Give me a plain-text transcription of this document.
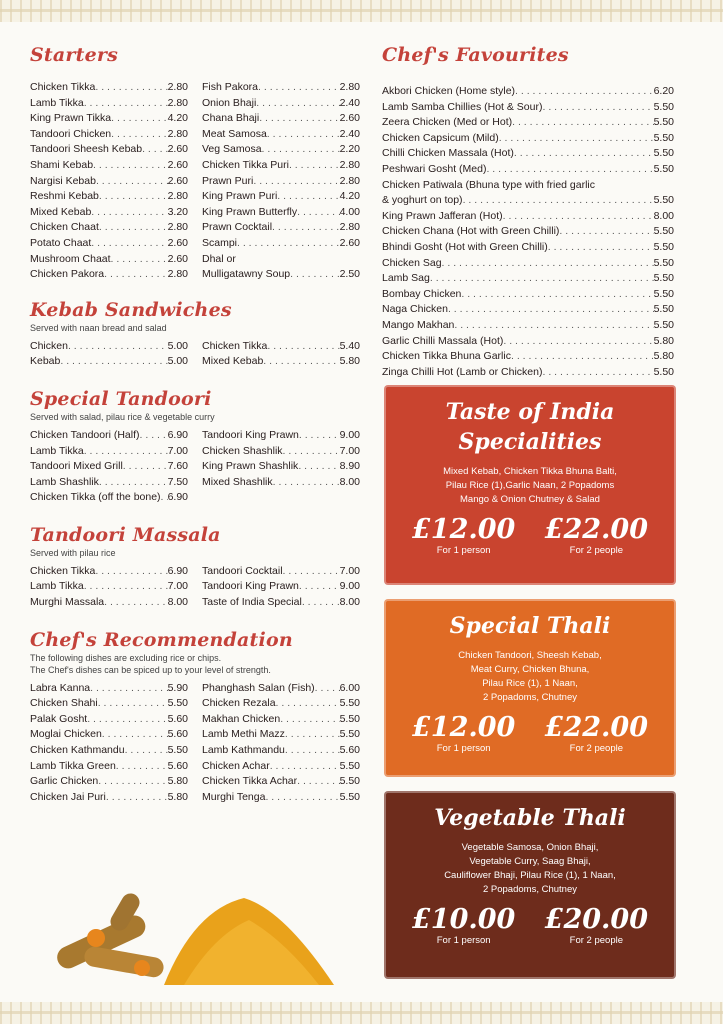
Starters
Chicken Tikka . . .	2.80
Lamb Tikka . . .	2.80
King Prawn Tikka . . .	4.20
Tandoori Chicken . . .	2.80
Tandoori Sheesh Kebab . . . 2.60
Shami Kebab . . .	2.60
Nargisi Kebab . . .	2.60
Reshmi Kebab . . .	2.80
Mixed Kebab . . .	3.20
Chicken Chaat . . .	2.80
Potato Chaat . . .	2.60
Mushroom Chaat . . .	2.60
Chicken Pakora . . .	2.80
Fish Pakora . . .	2.80
Onion Bhaji . . .	2.40
Chana Bhaji . . .	2.60
Meat Samosa . . .	2.40
Veg Samosa . . .	2.20
Chicken Tikka Puri . . .	2.80
Prawn Puri . . .	2.80
King Prawn Puri . . .	4.20
King Prawn Butterfly . . .	4.00
Prawn Cocktail . . .	2.80
Scampi . . .	2.60
Dhal or
Mulligatawny Soup . . .	2.50
Kebab Sandwiches
Served with naan bread and salad
Chicken . . .	5.00
Kebab . . .	5.00
Chicken Tikka . . .	5.40
Mixed Kebab . . .	5.80
Special Tandoori
Served with salad, pilau rice & vegetable curry
Chicken Tandoori (Half) . . .	6.90
Lamb Tikka . . .	7.00
Tandoori Mixed Grill . . .	7.60
Lamb Shashlik . . .	7.50
Chicken Tikka (off the bone) . . . 6.90
Tandoori King Prawn . . .	9.00
Chicken Shashlik . . .	7.00
King Prawn Shashlik . . .	8.90
Mixed Shashlik . . .	8.00
Tandoori Massala
Served with pilau rice
Chicken Tikka . . .	6.90
Lamb Tikka . . .	7.00
Murghi Massala . . .	8.00
Tandoori Cocktail . . .	7.00
Tandoori King Prawn . . .	9.00
Taste of India Special . . .	8.00
Chef's Recommendation
The following dishes are excluding rice or chips.
The Chef's dishes can be spiced up to your level of strength.
Labra Kanna . . .	5.90
Chicken Shahi . . .	5.50
Palak Gosht . . .	5.60
Moglai Chicken . . .	5.60
Chicken Kathmandu . . .	5.50
Lamb Tikka Green . . .	5.60
Garlic Chicken . . .	5.80
Chicken Jai Puri . . .	5.80
Phanghash Salan (Fish) . . . 6.00
Chicken Rezala . . .	5.50
Makhan Chicken . . .	5.50
Lamb Methi Mazz . . .	5.50
Lamb Kathmandu . . .	5.60
Chicken Achar . . .	5.50
Chicken Tikka Achar . . .	5.50
Murghi Tenga . . .	5.50
Chef's Favourites
Akbori Chicken (Home style) . . .	6.20
Lamb Samba Chillies (Hot & Sour) . . .	5.50
Zeera Chicken (Med or Hot) . . .	5.50
Chicken Capsicum (Mild) . . .	5.50
Chilli Chicken Massala (Hot) . . .	5.50
Peshwari Gosht (Med) . . .	5.50
Chicken Patiwala (Bhuna type with fried garlic
& yoghurt on top) . . .	5.50
King Prawn Jafferan (Hot) . . .	8.00
Chicken Chana (Hot with Green Chilli) . . .	5.50
Bhindi Gosht (Hot with Green Chilli) . . .	5.50
Chicken Sag . . .	5.50
Lamb Sag . . .	5.50
Bombay Chicken . . .	5.50
Naga Chicken . . .	5.50
Mango Makhan . . .	5.50
Garlic Chilli Massala (Hot) . . .	5.80
Chicken Tikka Bhuna Garlic . . .	5.80
Zinga Chilli Hot (Lamb or Chicken) . . .	5.50
Taste of India
Specialities
Mixed Kebab, Chicken Tikka Bhuna Balti,
Pilau Rice (1),Garlic Naan, 2 Popadoms
Mango & Onion Chutney & Salad
£12.00
For 1 person
£22.00
For 2 people
Special Thali
Chicken Tandoori, Sheesh Kebab,
Meat Curry, Chicken Bhuna,
Pilau Rice (1), 1 Naan,
2 Popadoms, Chutney
£12.00
For 1 person
£22.00
For 2 people
Vegetable Thali
Vegetable Samosa, Onion Bhaji,
Vegetable Curry, Saag Bhaji,
Cauliflower Bhaji, Pilau Rice (1), 1 Naan,
2 Popadoms, Chutney
£10.00
For 1 person
£20.00
For 2 people
